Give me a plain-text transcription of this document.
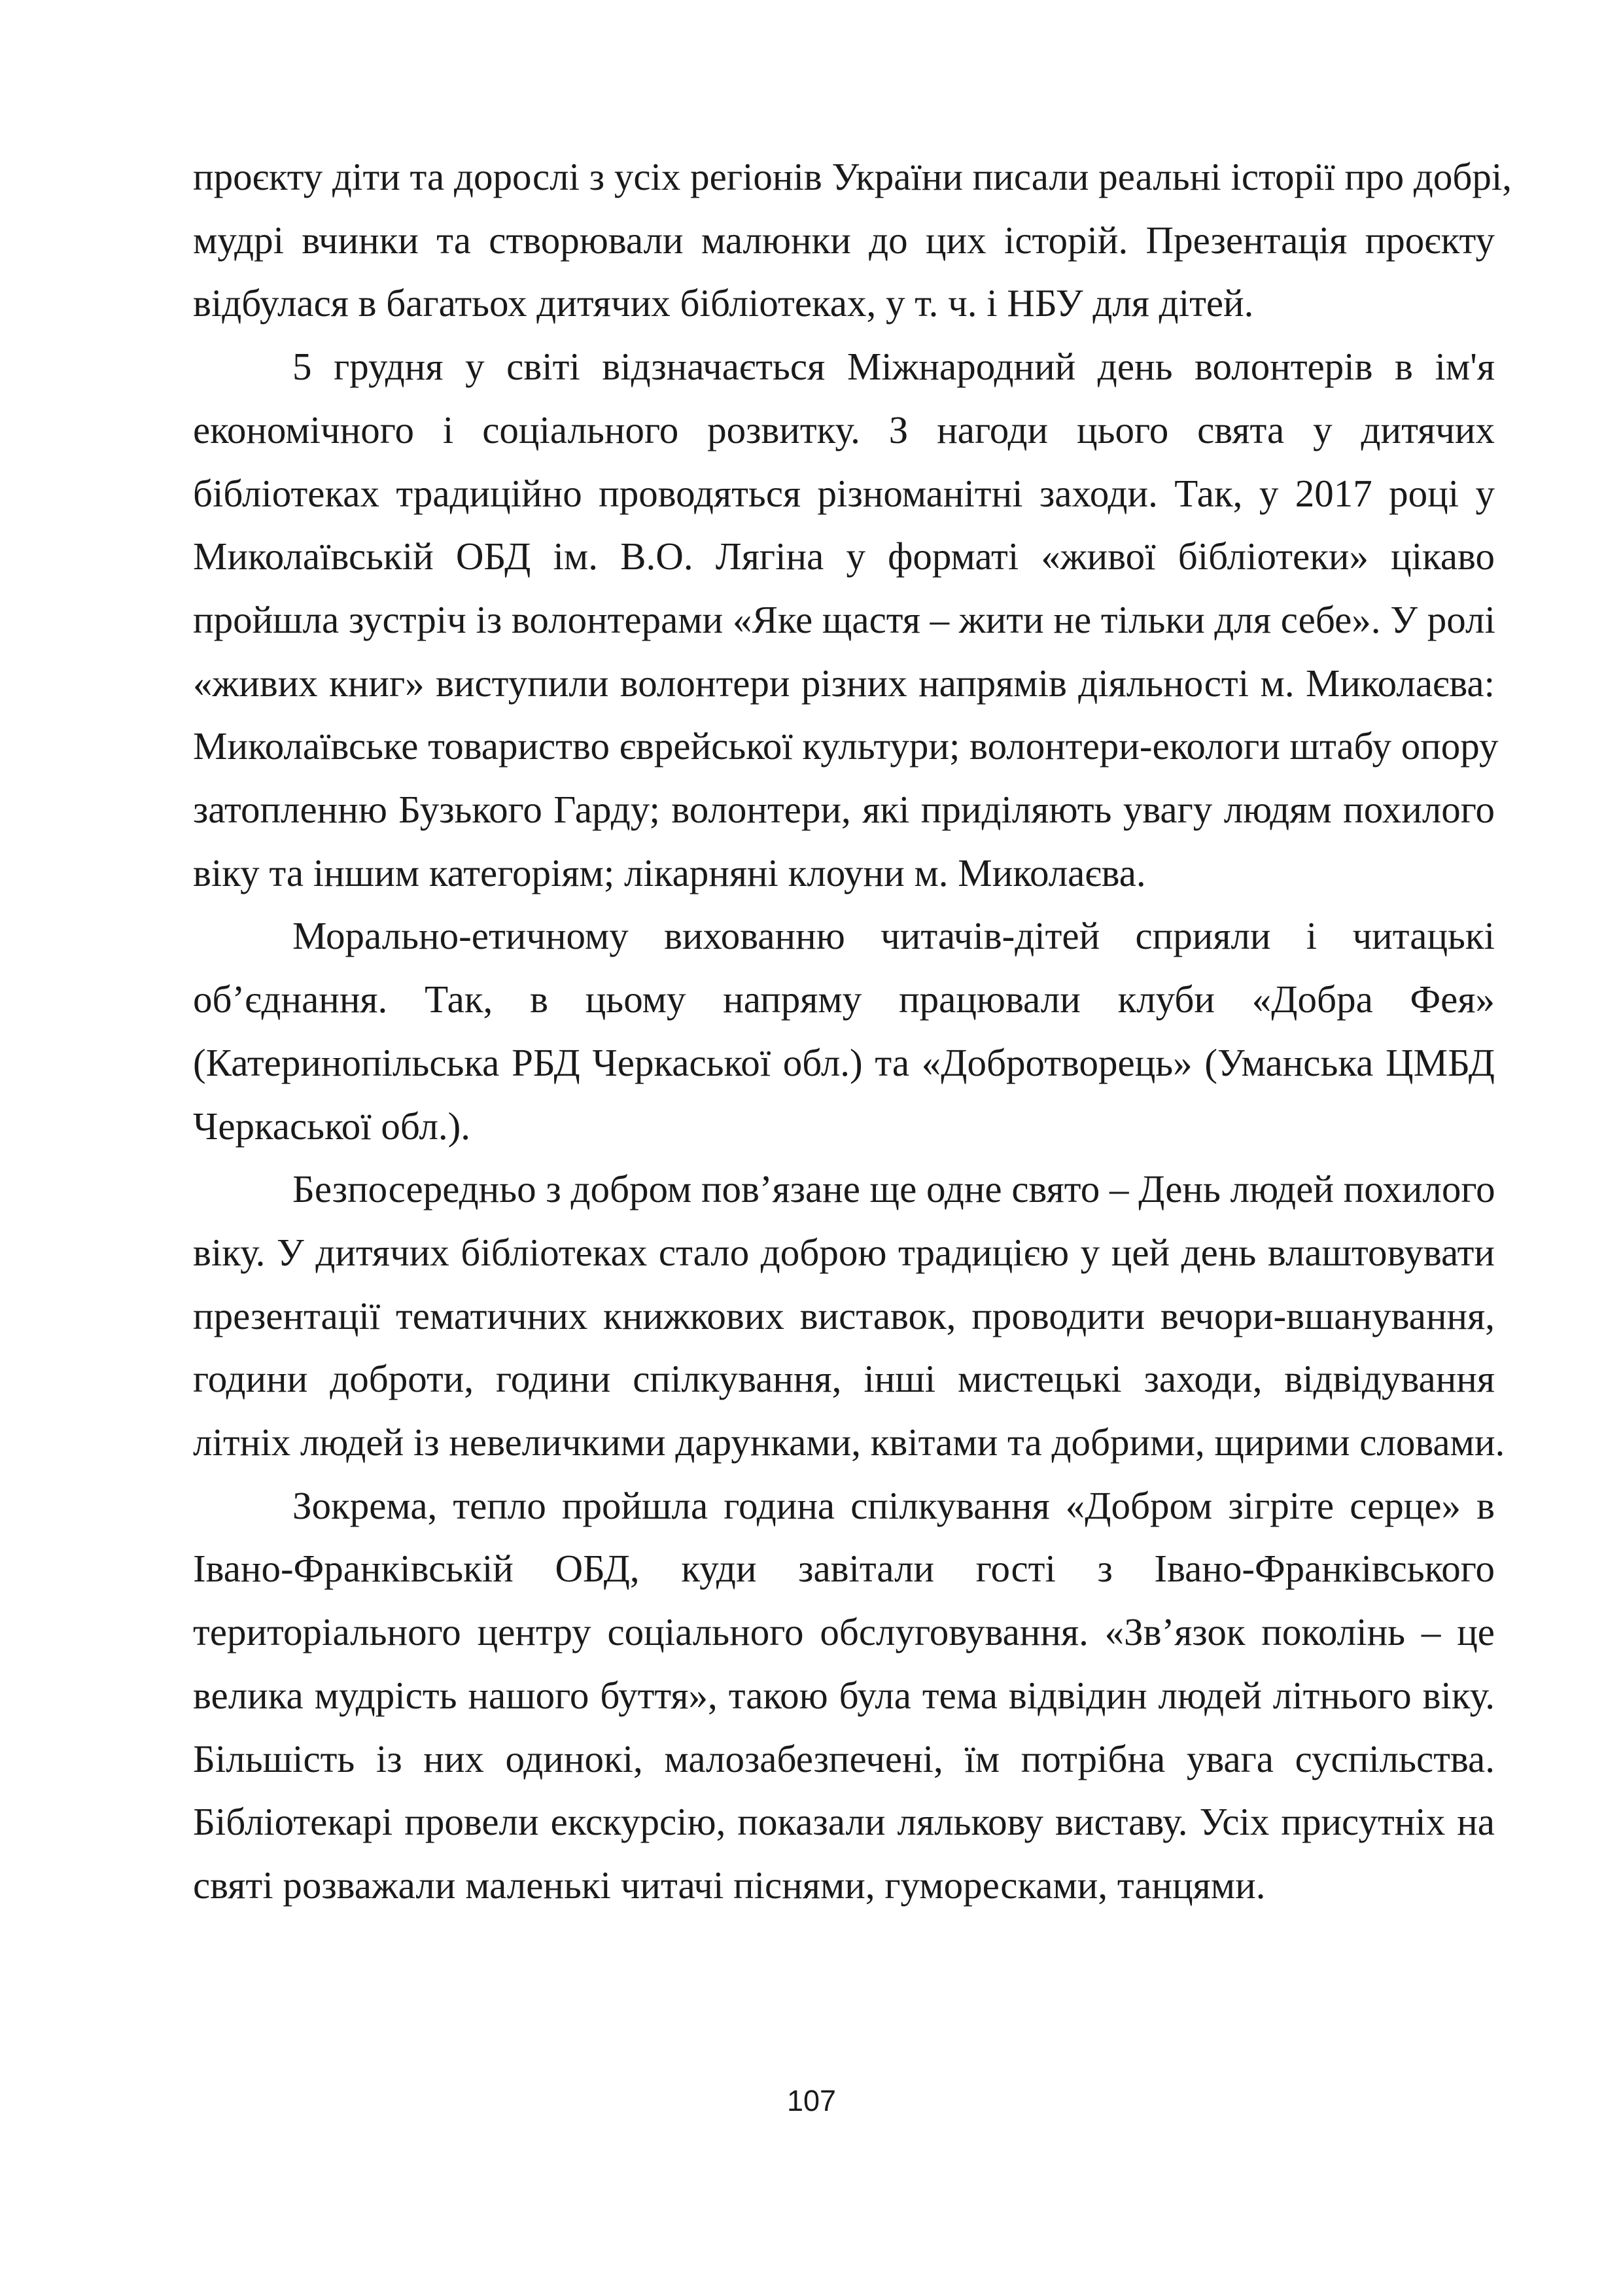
проєкту діти та дорослі з усіх регіонів України писали реальні історії про добрі,
мудрі вчинки та створювали малюнки до цих історій. Презентація проєкту
відбулася в багатьох дитячих бібліотеках, у т. ч. і НБУ для дітей.

5 грудня у світі відзначається Міжнародний день волонтерів в ім'я
економічного і соціального розвитку. З нагоди цього свята у дитячих
бібліотеках традиційно проводяться різноманітні заходи. Так, у 2017 році у
Миколаївській ОБД ім. В.О. Лягіна у форматі «живої бібліотеки» цікаво
пройшла зустріч із волонтерами «Яке щастя – жити не тільки для себе». У ролі
«живих книг» виступили волонтери різних напрямів діяльності м. Миколаєва:
Миколаївське товариство єврейської культури; волонтери-екологи штабу опору
затопленню Бузького Гарду; волонтери, які приділяють увагу людям похилого
віку та іншим категоріям; лікарняні клоуни м. Миколаєва.

Морально-етичному вихованню читачів-дітей сприяли і читацькі
об’єднання. Так, в цьому напряму працювали клуби «Добра Фея»
(Катеринопільська РБД Черкаської обл.) та «Добротворець» (Уманська ЦМБД
Черкаської обл.).

Безпосередньо з добром пов’язане ще одне свято – День людей похилого
віку. У дитячих бібліотеках стало доброю традицією у цей день влаштовувати
презентації тематичних книжкових виставок, проводити вечори-вшанування,
години доброти, години спілкування, інші мистецькі заходи, відвідування
літніх людей із невеличкими дарунками, квітами та добрими, щирими словами.

Зокрема, тепло пройшла година спілкування «Добром зігріте серце» в
Івано-Франківській ОБД, куди завітали гості з Івано-Франківського
територіального центру соціального обслуговування. «Зв’язок поколінь – це
велика мудрість нашого буття», такою була тема відвідин людей літнього віку.
Більшість із них одинокі, малозабезпечені, їм потрібна увага суспільства.
Бібліотекарі провели екскурсію, показали лялькову виставу. Усіх присутніх на
святі розважали маленькі читачі піснями, гуморесками, танцями.

107
